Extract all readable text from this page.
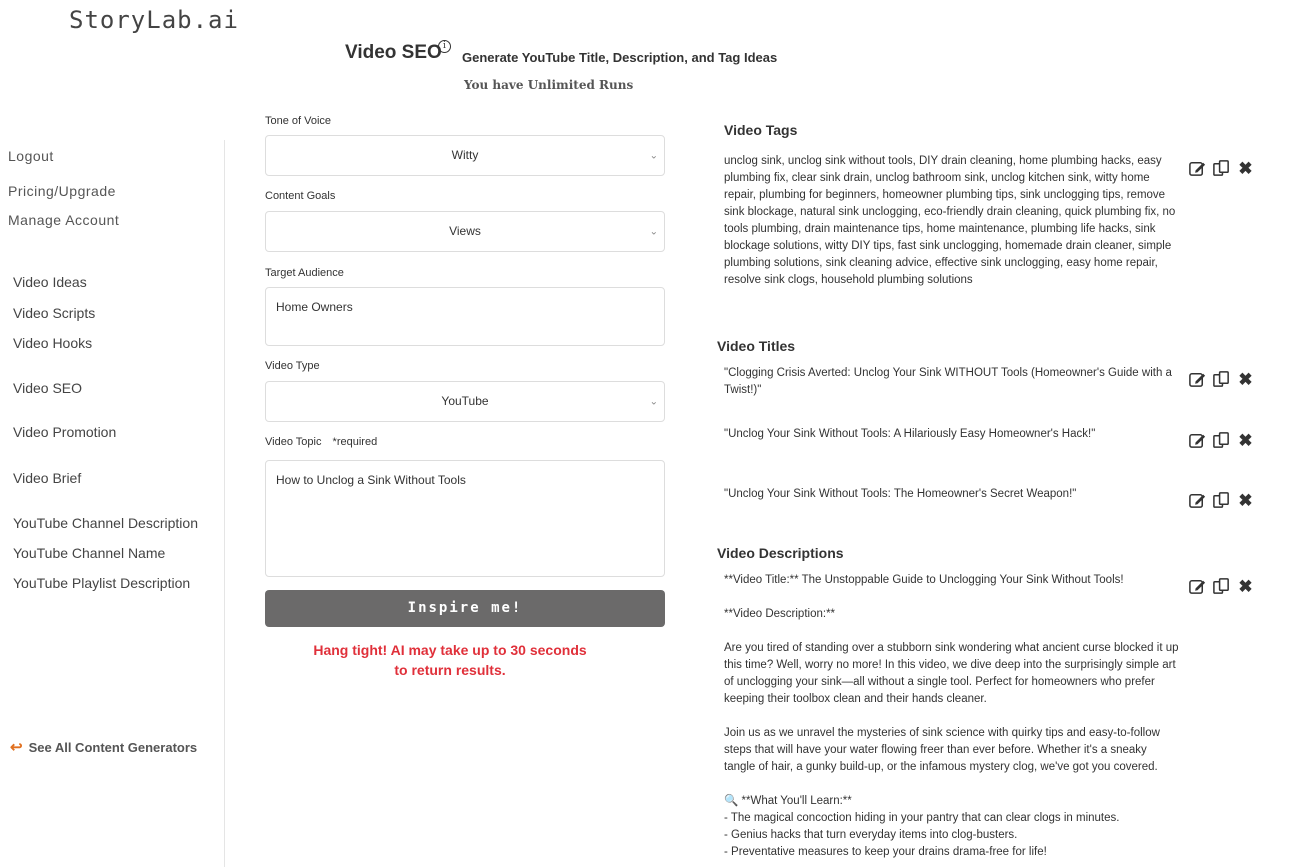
StoryLab.ai
Video SEO i
Generate YouTube Title, Description, and Tag Ideas
You have Unlimited Runs
Logout
Pricing/Upgrade
Manage Account
Video Ideas
Video Scripts
Video Hooks
Video SEO
Video Promotion
Video Brief
YouTube Channel Description
YouTube Channel Name
YouTube Playlist Description
↩ See All Content Generators
Tone of Voice
Witty	⌄
Content Goals
Views	⌄
Target Audience
Home Owners
Video Type
YouTube	⌄
Video Topic *required
How to Unclog a Sink Without Tools
Inspire me!
Hang tight! AI may take up to 30 seconds
to return results.
Video Tags
unclog sink, unclog sink without tools, DIY drain cleaning, home plumbing hacks, easy plumbing fix, clear sink drain, unclog bathroom sink, unclog kitchen sink, witty home repair, plumbing for beginners, homeowner plumbing tips, sink unclogging tips, remove sink blockage, natural sink unclogging, eco-friendly drain cleaning, quick plumbing fix, no tools plumbing, drain maintenance tips, home maintenance, plumbing life hacks, sink blockage solutions, witty DIY tips, fast sink unclogging, homemade drain cleaner, simple plumbing solutions, sink cleaning advice, effective sink unclogging, easy home repair, resolve sink clogs, household plumbing solutions
✖
Video Titles
"Clogging Crisis Averted: Unclog Your Sink WITHOUT Tools (Homeowner's Guide with a Twist!)"
✖
"Unclog Your Sink Without Tools: A Hilariously Easy Homeowner's Hack!"	✖
"Unclog Your Sink Without Tools: The Homeowner's Secret Weapon!"	✖
Video Descriptions

**Video Title:** The Unstoppable Guide to Unclogging Your Sink Without Tools!

**Video Description:**

Are you tired of standing over a stubborn sink wondering what ancient curse blocked it up this time? Well, worry no more! In this video, we dive deep into the surprisingly simple art of unclogging your sink—all without a single tool. Perfect for homeowners who prefer keeping their toolbox clean and their hands cleaner.

Join us as we unravel the mysteries of sink science with quirky tips and easy-to-follow steps that will have your water flowing freer than ever before. Whether it's a sneaky tangle of hair, a gunky build-up, or the infamous mystery clog, we've got you covered.

🔍 **What You'll Learn:**

- The magical concoction hiding in your pantry that can clear clogs in minutes.

- Genius hacks that turn everyday items into clog-busters.

- Preventative measures to keep your drains drama-free for life!

✖
